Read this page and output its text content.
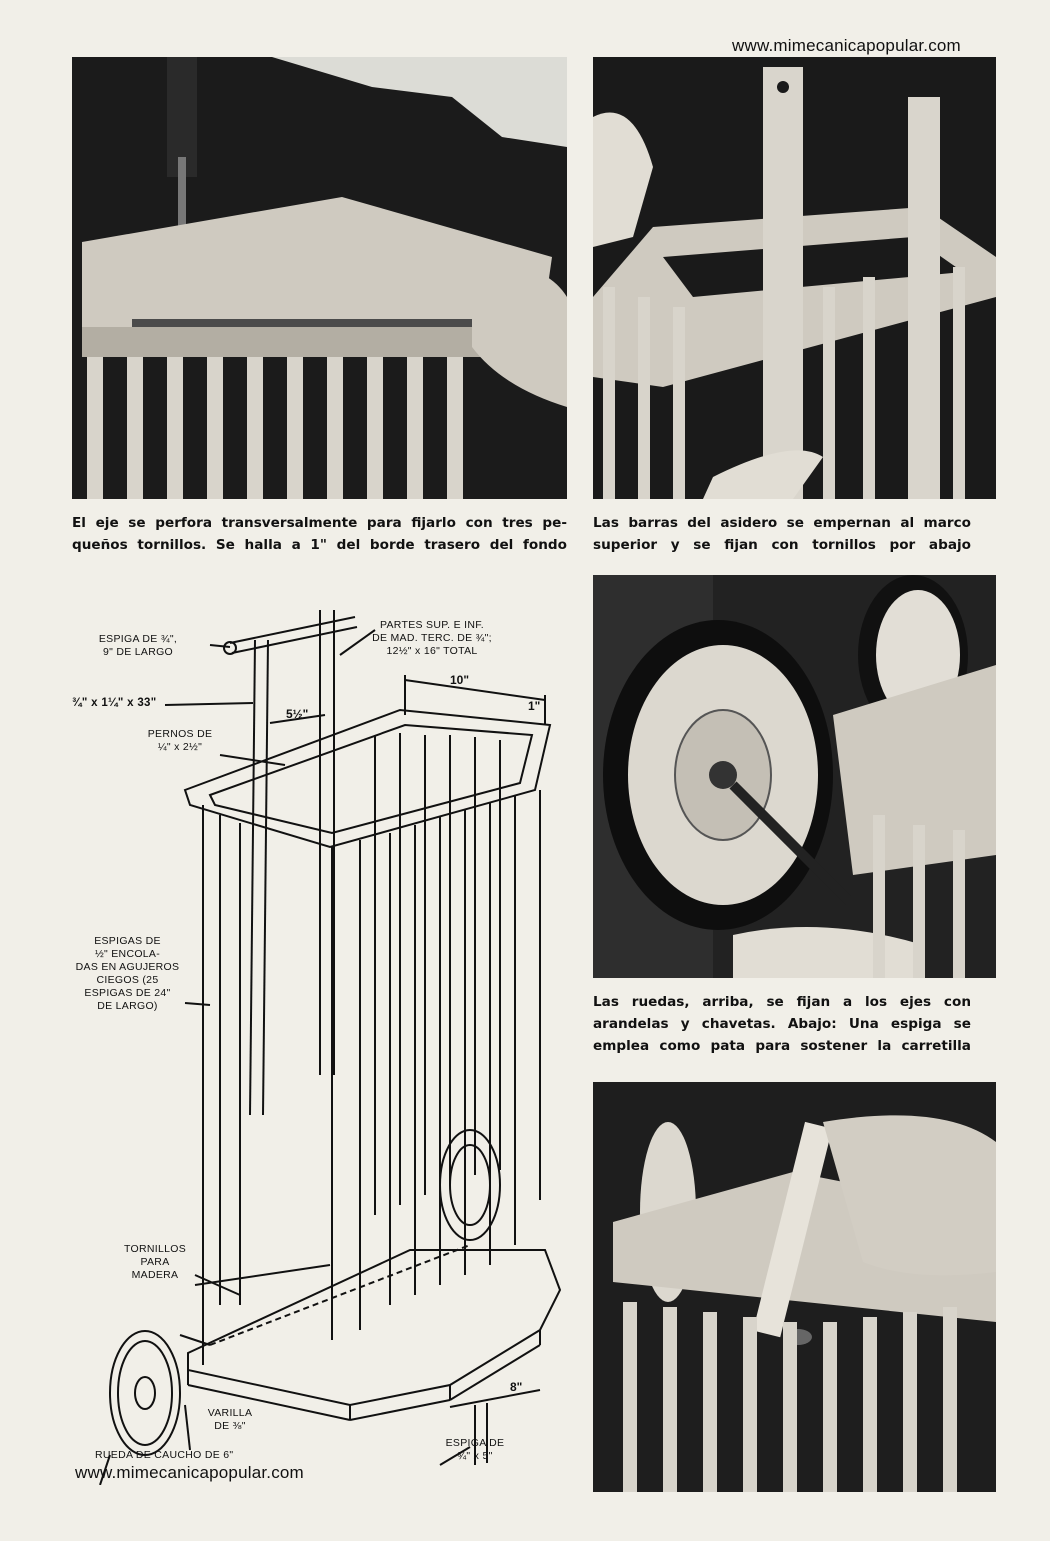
www.mimecanicapopular.com
www.mimecanicapopular.com
El eje se perfora transversalmente para fijarlo con tres pe-
queños tornillos. Se halla a 1" del borde trasero del fondo
Las barras del asidero se empernan al marco
superior y se fijan con tornillos por abajo
Las ruedas, arriba, se fijan a los ejes con
arandelas y chavetas. Abajo: Una espiga se
emplea como pata para sostener la carretilla
ESPIGA DE ¾",
9" DE LARGO
PARTES SUP. E INF.
DE MAD. TERC. DE ¾";
12½" x 16" TOTAL
¾" x 1¼" x 33"
PERNOS DE
¼" x 2½"
ESPIGAS DE
½" ENCOLA-
DAS EN AGUJEROS
CIEGOS (25
ESPIGAS DE 24"
DE LARGO)
TORNILLOS
PARA
MADERA
VARILLA
DE ⅜"
RUEDA DE CAUCHO DE 6"
ESPIGA DE
¾" x 5"
10"
1"
5½"
8"
